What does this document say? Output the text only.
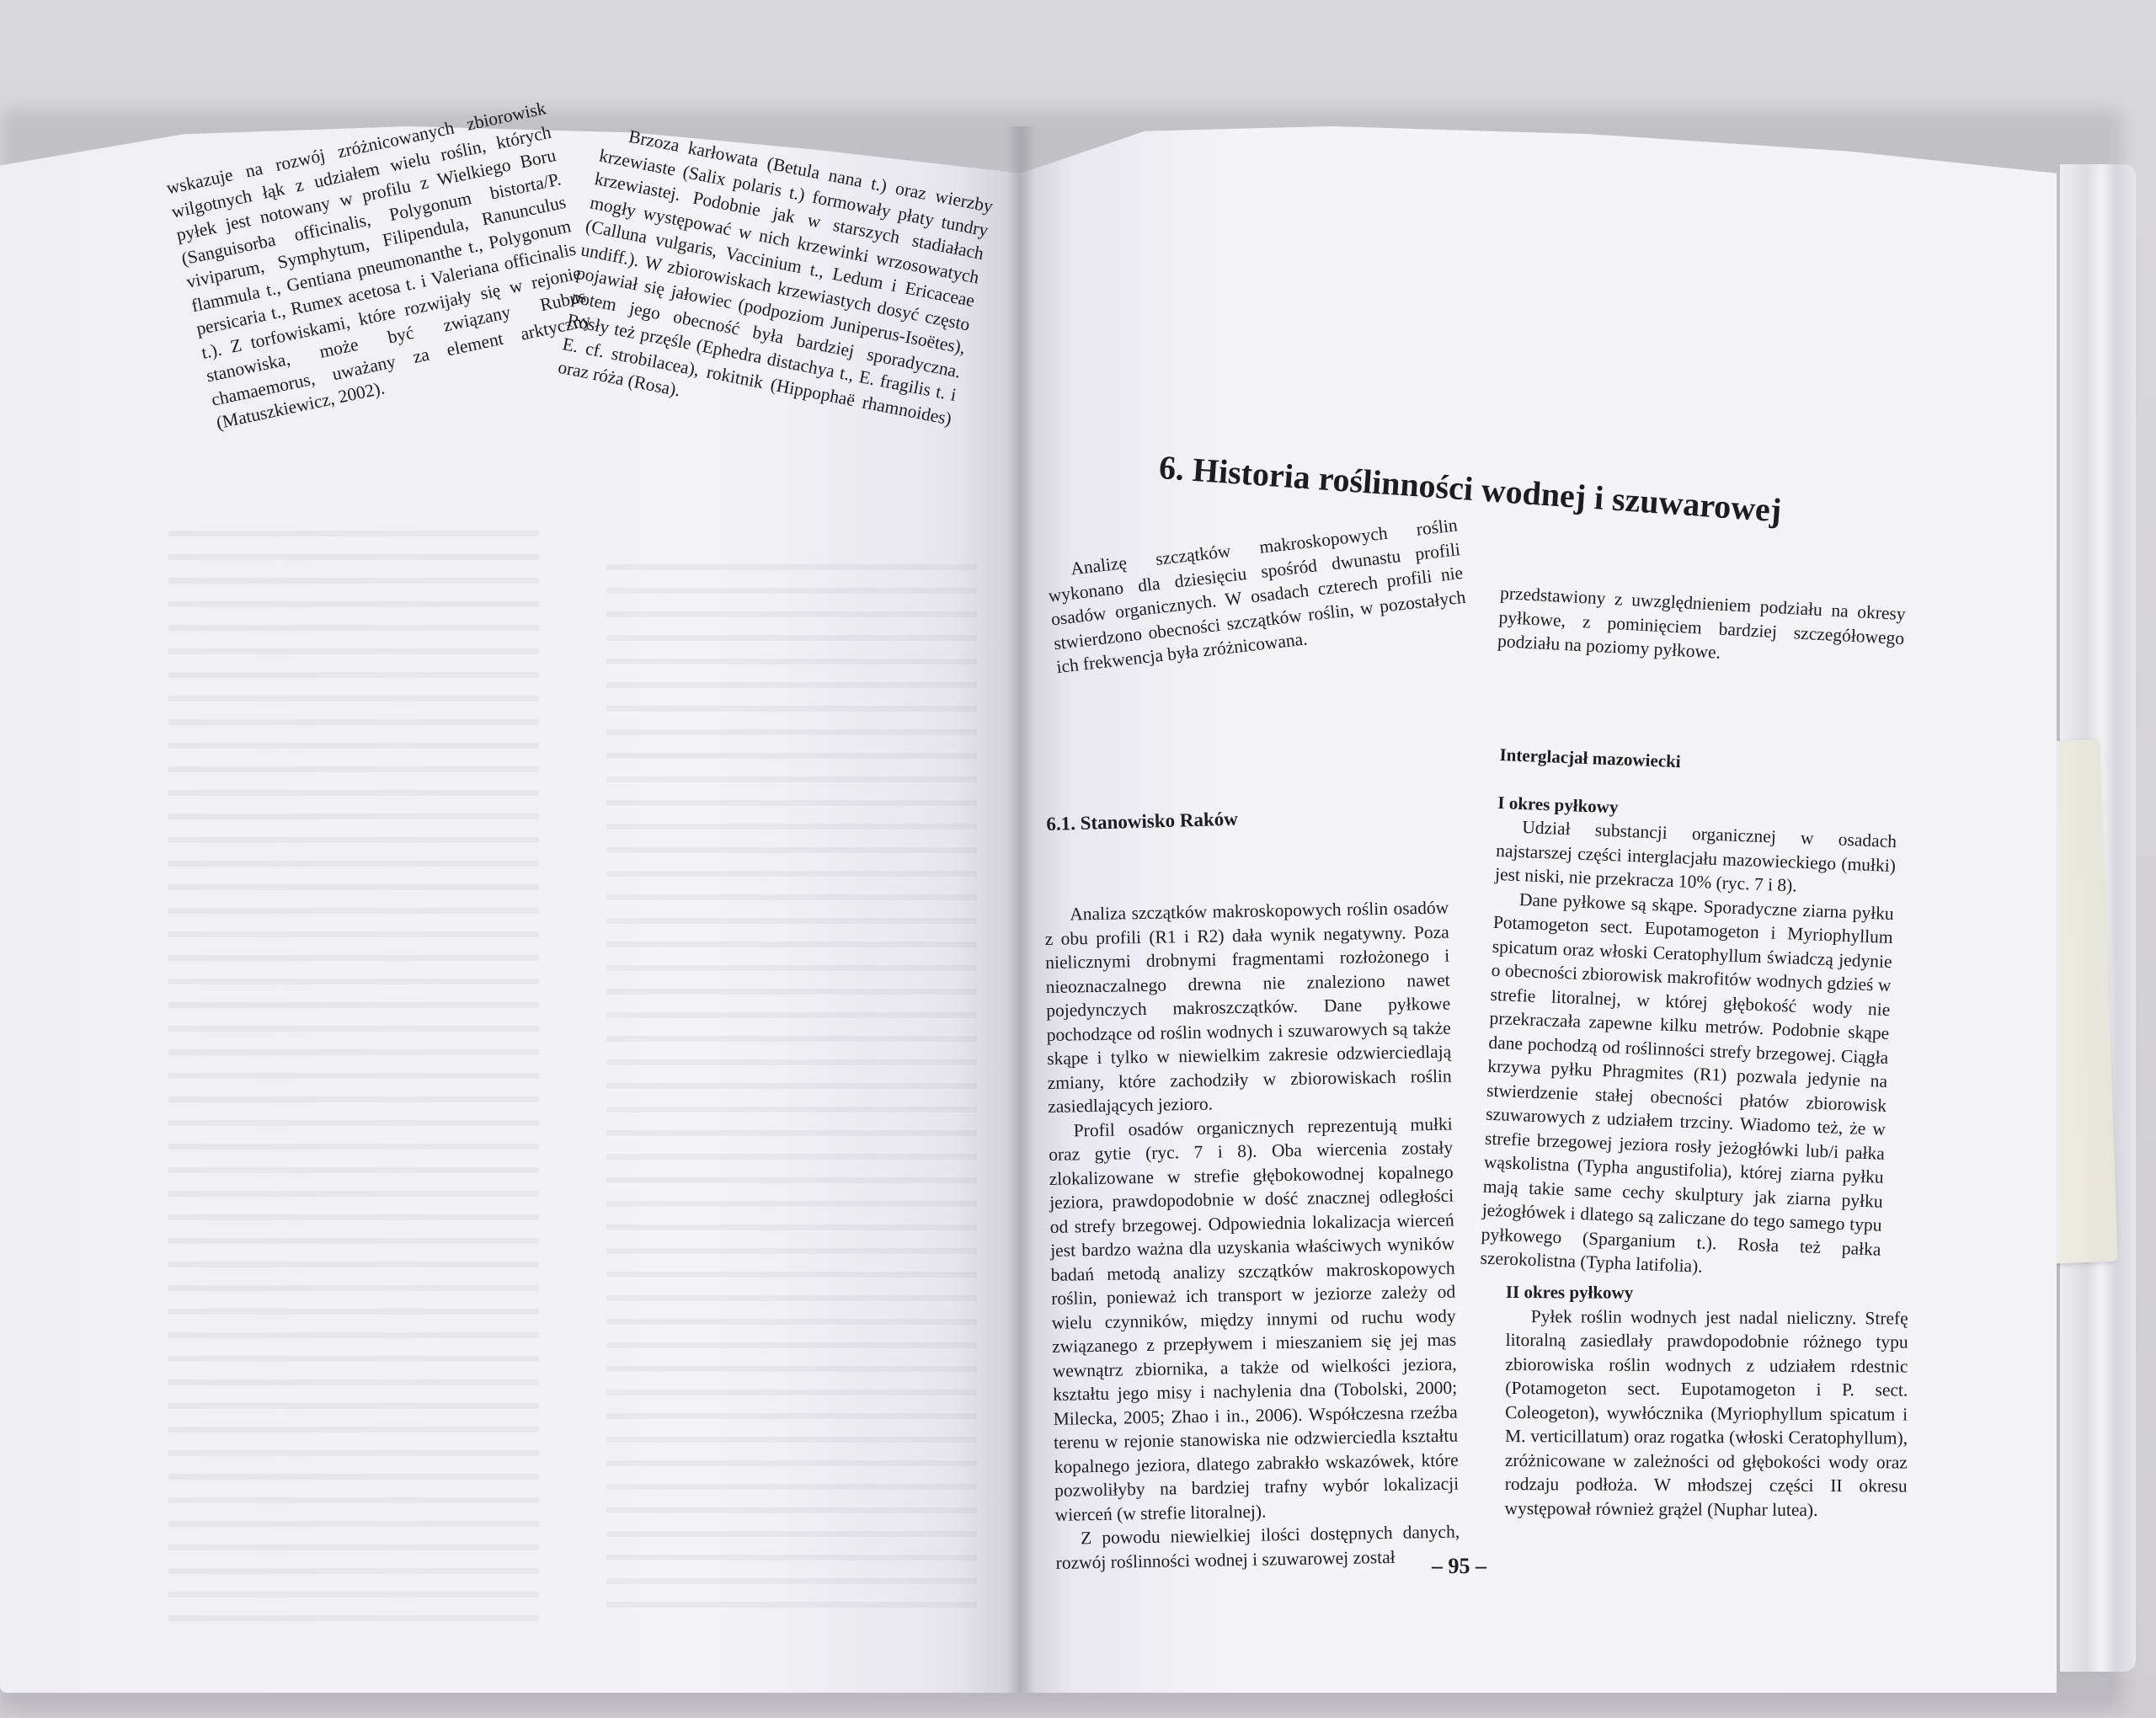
wskazuje na rozwój zróżnicowanych zbiorowisk wilgotnych łąk z udziałem wielu roślin, których pyłek jest notowany w profilu z Wielkiego Boru (Sanguisorba officinalis, Polygonum bistorta/P. viviparum, Symphytum, Filipendula, Ranunculus flammula t., Gentiana pneumonanthe t., Polygonum persicaria t., Rumex acetosa t. i Valeriana officinalis t.). Z torfowiskami, które rozwijały się w rejonie stanowiska, może być związany Rubus chamaemorus, uważany za element arktyczny (Matuszkiewicz, 2002).

Brzoza karłowata (Betula nana t.) oraz wierzby krzewiaste (Salix polaris t.) formowały płaty tundry krzewiastej. Podobnie jak w starszych stadiałach mogły występować w nich krzewinki wrzosowatych (Calluna vulgaris, Vaccinium t., Ledum i Ericaceae undiff.). W zbiorowiskach krzewiastych dosyć często pojawiał się jałowiec (podpoziom Juniperus-Isoëtes), potem jego obecność była bardziej sporadyczna. Rosły też przęśle (Ephedra distachya t., E. fragilis t. i E. cf. strobilacea), rokitnik (Hippophaë rhamnoides) oraz róża (Rosa).

6. Historia roślinności wodnej i szuwarowej

Analizę szczątków makroskopowych roślin wykonano dla dziesięciu spośród dwunastu profili osadów organicznych. W osadach czterech profili nie stwierdzono obecności szczątków roślin, w pozostałych ich frekwencja była zróżnicowana.

6.1. Stanowisko Raków

Analiza szczątków makroskopowych roślin osadów z obu profili (R1 i R2) dała wynik negatywny. Poza nielicznymi drobnymi fragmentami rozłożonego i nieoznaczalnego drewna nie znaleziono nawet pojedynczych makroszczątków. Dane pyłkowe pochodzące od roślin wodnych i szuwarowych są także skąpe i tylko w niewielkim zakresie odzwierciedlają zmiany, które zachodziły w zbiorowiskach roślin zasiedlających jezioro.

Profil osadów organicznych reprezentują mułki oraz gytie (ryc. 7 i 8). Oba wiercenia zostały zlokalizowane w strefie głębokowodnej kopalnego jeziora, prawdopodobnie w dość znacznej odległości od strefy brzegowej. Odpowiednia lokalizacja wierceń jest bardzo ważna dla uzyskania właściwych wyników badań metodą analizy szczątków makroskopowych roślin, ponieważ ich transport w jeziorze zależy od wielu czynników, między innymi od ruchu wody związanego z przepływem i mieszaniem się jej mas wewnątrz zbiornika, a także od wielkości jeziora, kształtu jego misy i nachylenia dna (Tobolski, 2000; Milecka, 2005; Zhao i in., 2006). Współczesna rzeźba terenu w rejonie stanowiska nie odzwierciedla kształtu kopalnego jeziora, dlatego zabrakło wskazówek, które pozwoliłyby na bardziej trafny wybór lokalizacji wierceń (w strefie litoralnej).

Z powodu niewielkiej ilości dostępnych danych, rozwój roślinności wodnej i szuwarowej został

przedstawiony z uwzględnieniem podziału na okresy pyłkowe, z pominięciem bardziej szczegółowego podziału na poziomy pyłkowe.

Interglacjał mazowiecki

I okres pyłkowy

Udział substancji organicznej w osadach najstarszej części interglacjału mazowieckiego (mułki) jest niski, nie przekracza 10% (ryc. 7 i 8).

Dane pyłkowe są skąpe. Sporadyczne ziarna pyłku Potamogeton sect. Eupotamogeton i Myriophyllum spicatum oraz włoski Ceratophyllum świadczą jedynie o obecności zbiorowisk makrofitów wodnych gdzieś w strefie litoralnej, w której głębokość wody nie przekraczała zapewne kilku metrów. Podobnie skąpe dane pochodzą od roślinności strefy brzegowej. Ciągła krzywa pyłku Phragmites (R1) pozwala jedynie na stwierdzenie stałej obecności płatów zbiorowisk szuwarowych z udziałem trzciny. Wiadomo też, że w strefie brzegowej jeziora rosły jeżogłówki lub/i pałka wąskolistna (Typha angustifolia), której ziarna pyłku mają takie same cechy skulptury jak ziarna pyłku jeżogłówek i dlatego są zaliczane do tego samego typu pyłkowego (Sparganium t.). Rosła też pałka szerokolistna (Typha latifolia).

II okres pyłkowy

Pyłek roślin wodnych jest nadal nieliczny. Strefę litoralną zasiedlały prawdopodobnie różnego typu zbiorowiska roślin wodnych z udziałem rdestnic (Potamogeton sect. Eupotamogeton i P. sect. Coleogeton), wywłócznika (Myriophyllum spicatum i M. verticillatum) oraz rogatka (włoski Ceratophyllum), zróżnicowane w zależności od głębokości wody oraz rodzaju podłoża. W młodszej części II okresu występował również grążel (Nuphar lutea).

– 95 –
